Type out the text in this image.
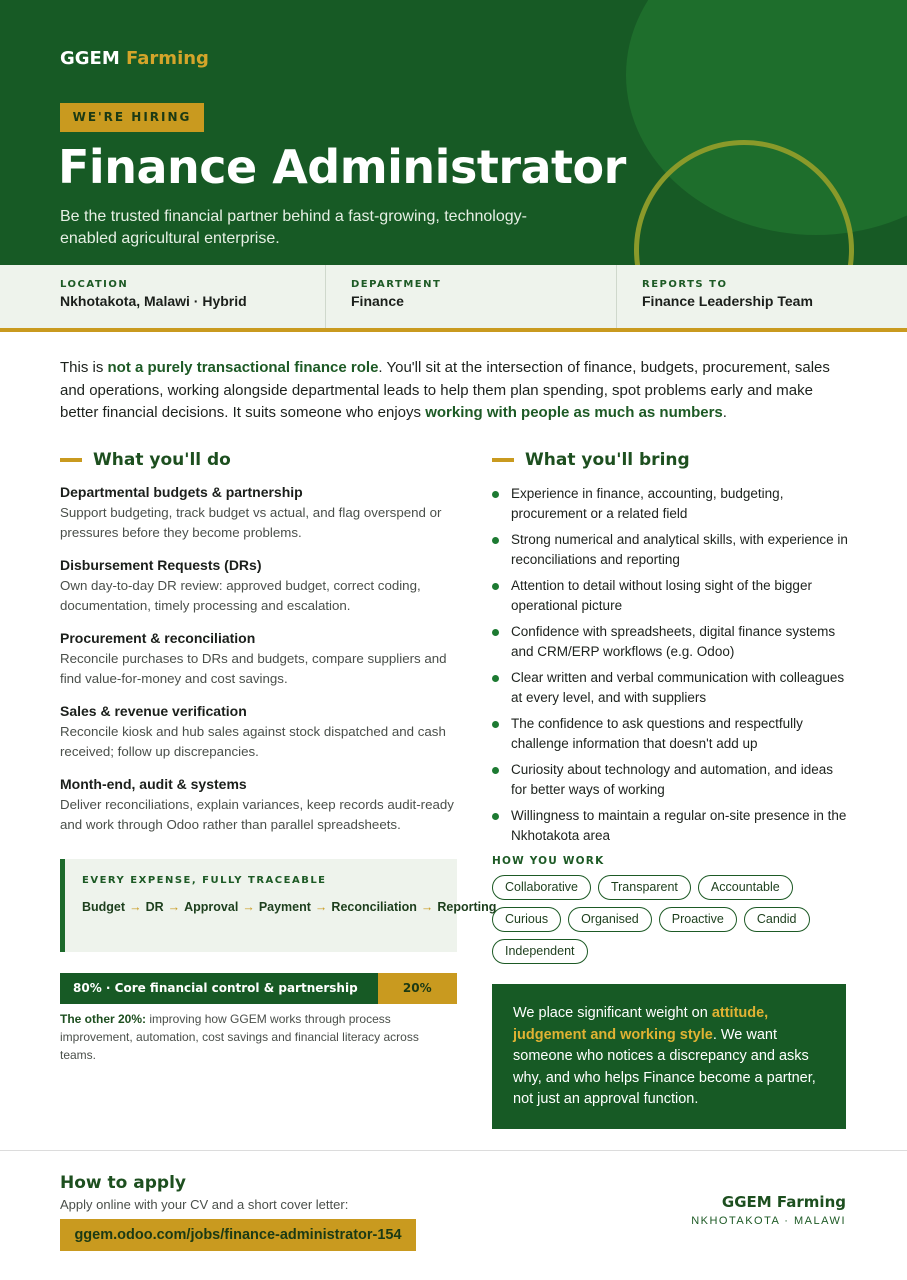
GGEM Farming
WE'RE HIRING
Finance Administrator

Be the trusted financial partner behind a fast-growing, technology-enabled agricultural enterprise.

LOCATION
Nkhotakota, Malawi · Hybrid
DEPARTMENT
Finance
REPORTS TO
Finance Leadership Team

This is not a purely transactional finance role. You'll sit at the intersection of finance, budgets, procurement, sales and operations, working alongside departmental leads to help them plan spending, spot problems early and make better financial decisions. It suits someone who enjoys working with people as much as numbers.

What you'll do
Departmental budgets & partnership
Support budgeting, track budget vs actual, and flag overspend or pressures before they become problems.
Disbursement Requests (DRs)
Own day-to-day DR review: approved budget, correct coding, documentation, timely processing and escalation.
Procurement & reconciliation
Reconcile purchases to DRs and budgets, compare suppliers and find value-for-money and cost savings.
Sales & revenue verification
Reconcile kiosk and hub sales against stock dispatched and cash received; follow up discrepancies.
Month-end, audit & systems
Deliver reconciliations, explain variances, keep records audit-ready and work through Odoo rather than parallel spreadsheets.
EVERY EXPENSE, FULLY TRACEABLE
Budget → DR → Approval → Payment → Reconciliation → Reporting
80% · Core financial control & partnership	20%

The other 20%: improving how GGEM works through process improvement, automation, cost savings and financial literacy across teams.

What you'll bring
Experience in finance, accounting, budgeting, procurement or a related field
Strong numerical and analytical skills, with experience in reconciliations and reporting
Attention to detail without losing sight of the bigger operational picture
Confidence with spreadsheets, digital finance systems and CRM/ERP workflows (e.g. Odoo)
Clear written and verbal communication with colleagues at every level, and with suppliers
The confidence to ask questions and respectfully challenge information that doesn't add up
Curiosity about technology and automation, and ideas for better ways of working
Willingness to maintain a regular on-site presence in the Nkhotakota area
HOW YOU WORK
Collaborative	Transparent	Accountable
Curious	Organised	Proactive	Candid
Independent
We place significant weight on attitude, judgement and working style. We want someone who notices a discrepancy and asks why, and who helps Finance become a partner, not just an approval function.
How to apply
Apply online with your CV and a short cover letter:
ggem.odoo.com/jobs/finance-administrator-154
GGEM Farming
NKHOTAKOTA · MALAWI
